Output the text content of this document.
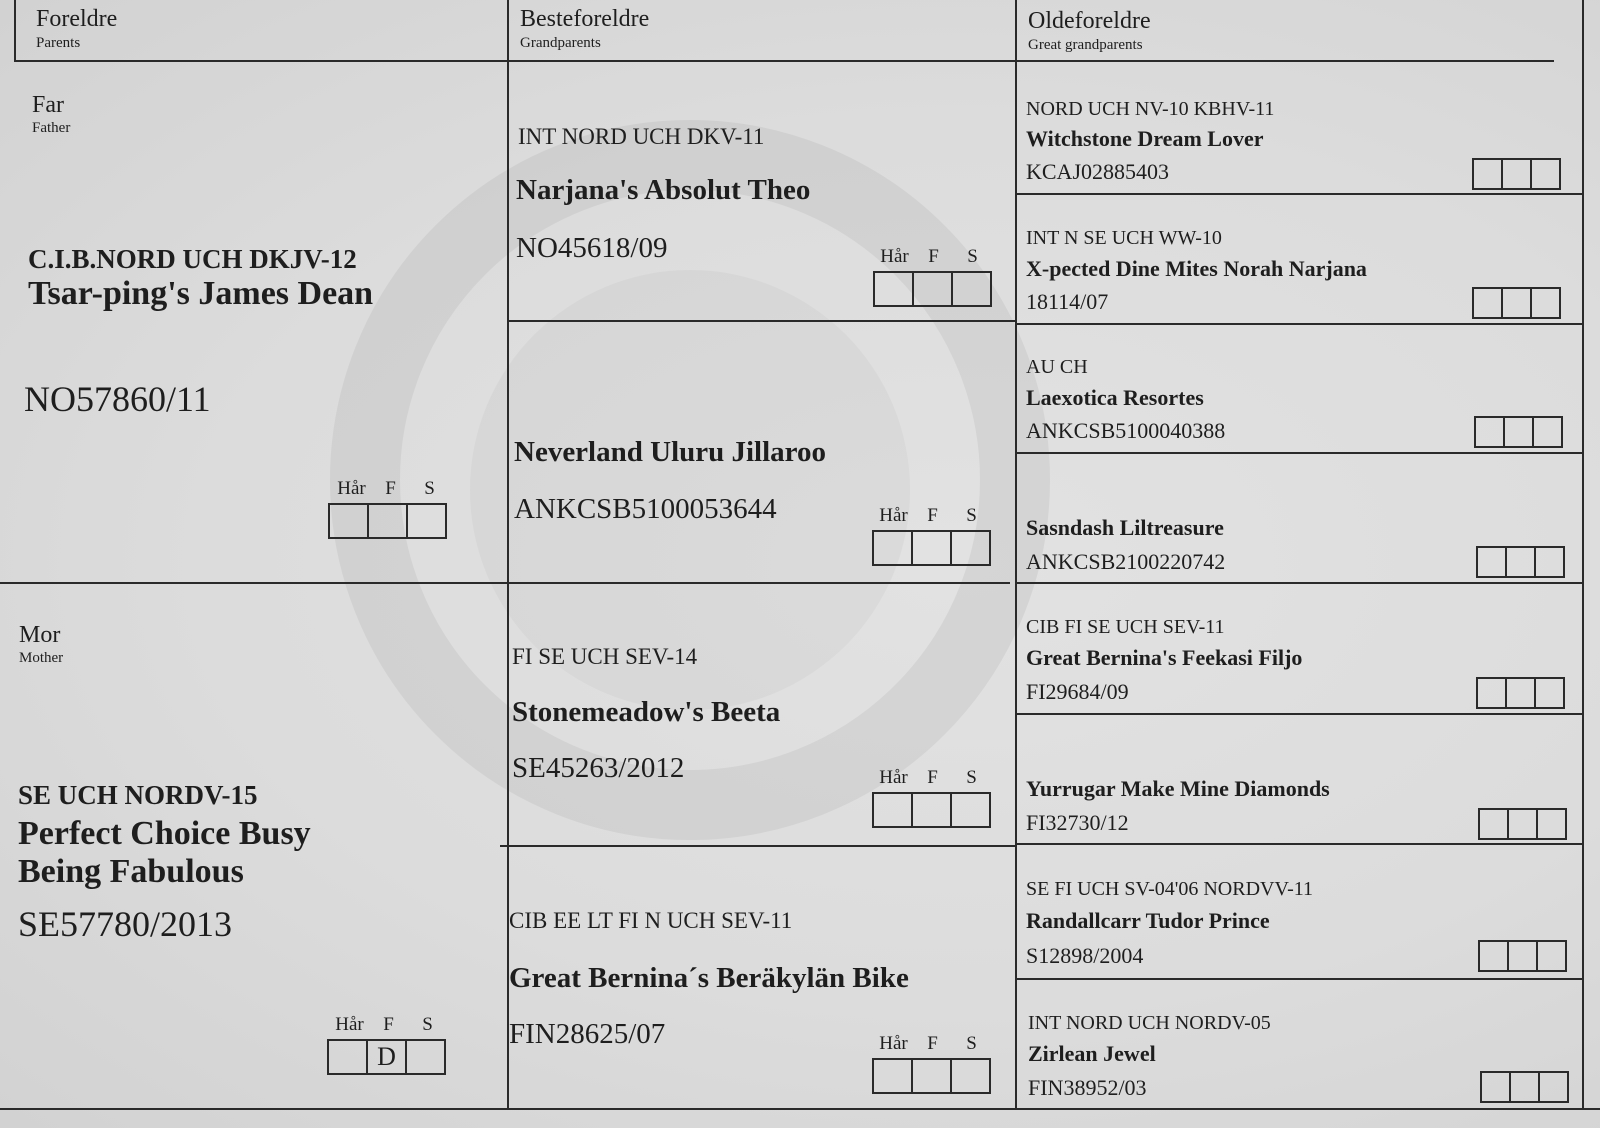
Foreldre
Parents
Besteforeldre
Grandparents
Oldeforeldre
Great grandparents
Far
Father
C.I.B.NORD UCH DKJV-12
Tsar-ping's James Dean
NO57860/11
Hår	F	S
Mor
Mother
SE UCH NORDV-15
Perfect Choice Busy
Being Fabulous
SE57780/2013
Hår	F	S
D
INT NORD UCH DKV-11
Narjana's Absolut Theo
NO45618/09	Hår	F	S
Neverland Uluru Jillaroo
ANKCSB5100053644	Hår	F	S
FI SE UCH SEV-14
Stonemeadow's Beeta
SE45263/2012	Hår	F	S
CIB EE LT FI N UCH SEV-11
Great Bernina´s Beräkylän Bike
FIN28625/07	Hår	F	S
NORD UCH NV-10 KBHV-11
Witchstone Dream Lover
KCAJ02885403
INT N SE UCH WW-10
X-pected Dine Mites Norah Narjana
18114/07
AU CH
Laexotica Resortes
ANKCSB5100040388
Sasndash Liltreasure
ANKCSB2100220742
CIB FI SE UCH SEV-11
Great Bernina's Feekasi Filjo
FI29684/09
Yurrugar Make Mine Diamonds
FI32730/12
SE FI UCH SV-04'06 NORDVV-11
Randallcarr Tudor Prince
S12898/2004
INT NORD UCH NORDV-05
Zirlean Jewel
FIN38952/03
